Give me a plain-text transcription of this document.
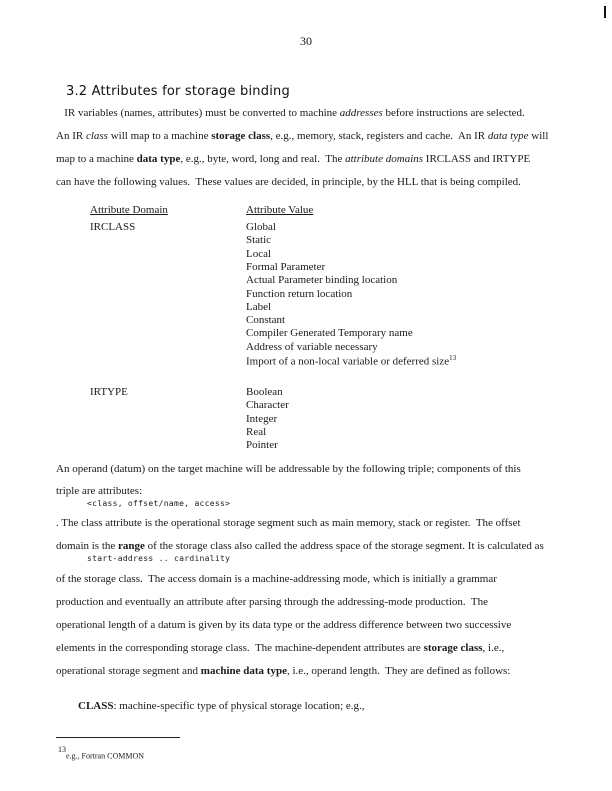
30
3.2 Attributes for storage binding
IR variables (names, attributes) must be converted to machine addresses before instructions are selected.
An IR class will map to a machine storage class, e.g., memory, stack, registers and cache.  An IR data type will
map to a machine data type, e.g., byte, word, long and real.  The attribute domains IRCLASS and IRTYPE
can have the following values.  These values are decided, in principle, by the HLL that is being compiled.
Attribute Domain	Attribute Value
IRCLASS	Global
Static
Local
Formal Parameter
Actual Parameter binding location
Function return location
Label
Constant
Compiler Generated Temporary name
Address of variable necessary
Import of a non-local variable or deferred size$^{13}$
IRTYPE	Boolean
Character
Integer
Real
Pointer
An operand (datum) on the target machine will be addressable by the following triple; components of this
triple are attributes:
<class, offset/name, access>
. The class attribute is the operational storage segment such as main memory, stack or register.  The offset
domain is the range of the storage class also called the address space of the storage segment. It is calculated as
start-address .. cardinality
of the storage class.  The access domain is a machine-addressing mode, which is initially a grammar
production and eventually an attribute after parsing through the addressing-mode production.  The
operational length of a datum is given by its data type or the address difference between two successive
elements in the corresponding storage class.  The machine-dependent attributes are storage class, i.e.,
operational storage segment and machine data type, i.e., operand length.  They are defined as follows:
CLASS: machine-specific type of physical storage location; e.g.,
$^{13}$e.g., Fortran COMMON
